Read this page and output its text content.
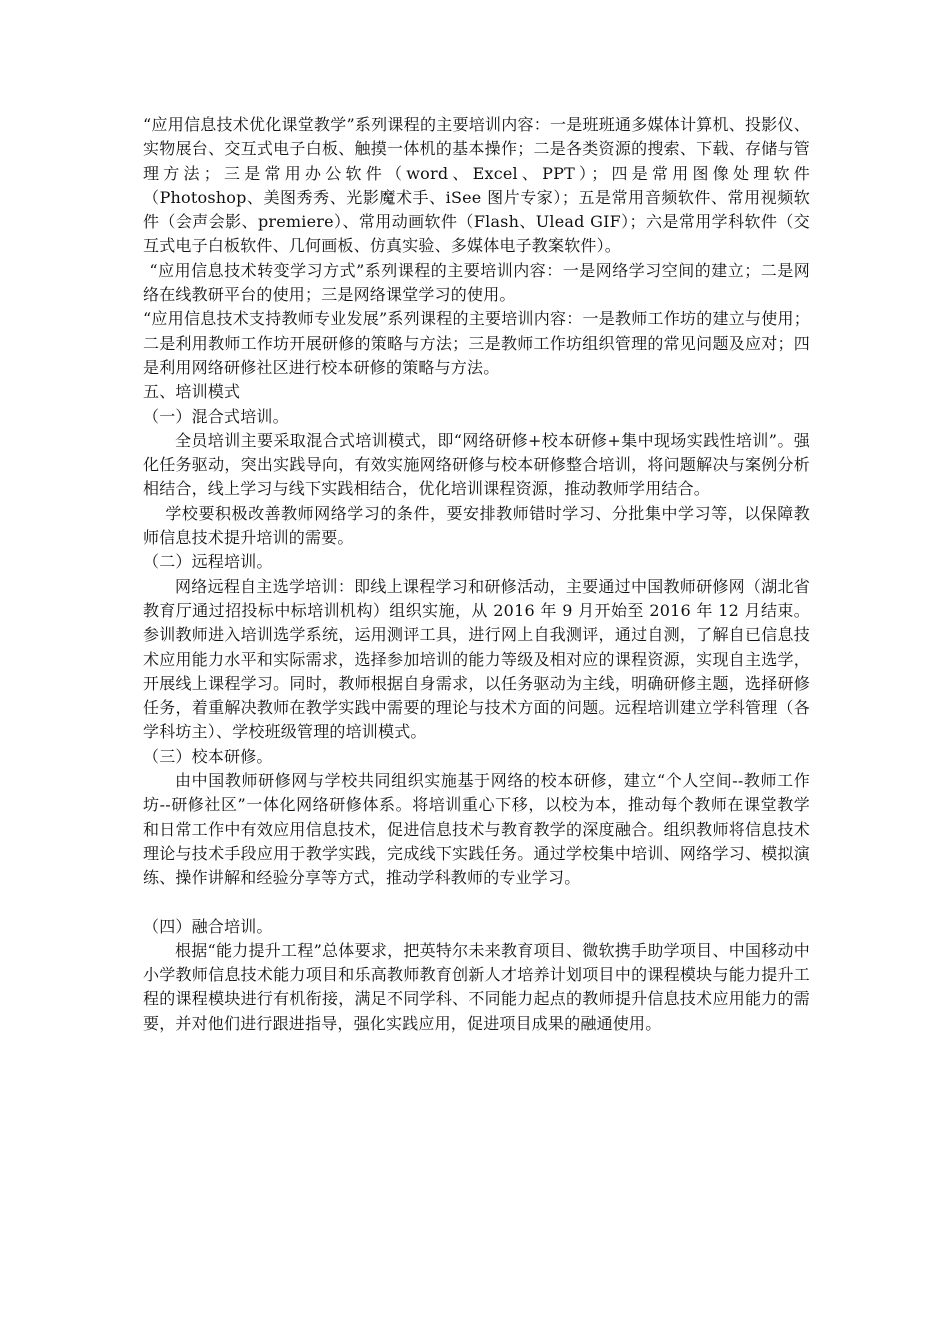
“应用信息技术优化课堂教学”系列课程的主要培训内容：一是班班通多媒体计算机、投影仪、实物展台、交互式电子白板、触摸一体机的基本操作；二是各类资源的搜索、下载、存储与管理方法；三是常用办公软件（word、Excel、PPT）；四是常用图像处理软件（Photoshop、美图秀秀、光影魔术手、iSee 图片专家）；五是常用音频软件、常用视频软件（会声会影、premiere）、常用动画软件（Flash、Ulead GIF）；六是常用学科软件（交互式电子白板软件、几何画板、仿真实验、多媒体电子教案软件）。

“应用信息技术转变学习方式”系列课程的主要培训内容：一是网络学习空间的建立；二是网络在线教研平台的使用；三是网络课堂学习的使用。

“应用信息技术支持教师专业发展”系列课程的主要培训内容：一是教师工作坊的建立与使用；二是利用教师工作坊开展研修的策略与方法；三是教师工作坊组织管理的常见问题及应对；四是利用网络研修社区进行校本研修的策略与方法。

五、培训模式

（一）混合式培训。

全员培训主要采取混合式培训模式，即“网络研修+校本研修+集中现场实践性培训”。强化任务驱动，突出实践导向，有效实施网络研修与校本研修整合培训，将问题解决与案例分析相结合，线上学习与线下实践相结合，优化培训课程资源，推动教师学用结合。

学校要积极改善教师网络学习的条件，要安排教师错时学习、分批集中学习等，以保障教师信息技术提升培训的需要。

（二）远程培训。

网络远程自主选学培训：即线上课程学习和研修活动，主要通过中国教师研修网（湖北省教育厅通过招投标中标培训机构）组织实施，从 2016 年 9 月开始至 2016 年 12 月结束。参训教师进入培训选学系统，运用测评工具，进行网上自我测评，通过自测，了解自已信息技术应用能力水平和实际需求，选择参加培训的能力等级及相对应的课程资源，实现自主选学，开展线上课程学习。同时，教师根据自身需求，以任务驱动为主线，明确研修主题，选择研修任务，着重解决教师在教学实践中需要的理论与技术方面的问题。远程培训建立学科管理（各学科坊主）、学校班级管理的培训模式。

（三）校本研修。

由中国教师研修网与学校共同组织实施基于网络的校本研修，建立“个人空间--教师工作坊--研修社区”一体化网络研修体系。将培训重心下移，以校为本，推动每个教师在课堂教学和日常工作中有效应用信息技术，促进信息技术与教育教学的深度融合。组织教师将信息技术理论与技术手段应用于教学实践，完成线下实践任务。通过学校集中培训、网络学习、模拟演练、操作讲解和经验分享等方式，推动学科教师的专业学习。

（四）融合培训。

根据“能力提升工程”总体要求，把英特尔未来教育项目、微软携手助学项目、中国移动中小学教师信息技术能力项目和乐高教师教育创新人才培养计划项目中的课程模块与能力提升工程的课程模块进行有机衔接，满足不同学科、不同能力起点的教师提升信息技术应用能力的需要，并对他们进行跟进指导，强化实践应用，促进项目成果的融通使用。
